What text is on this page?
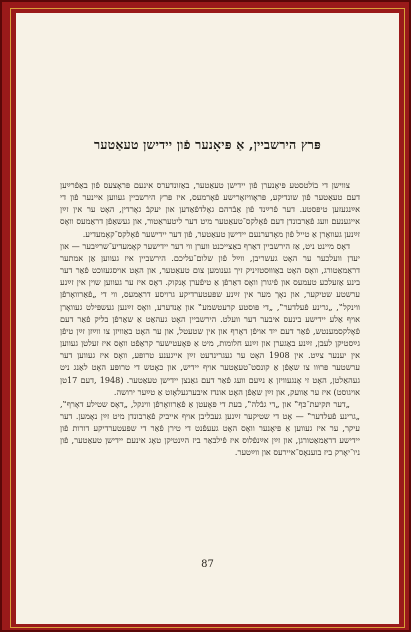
פּרץ הירשביין, אַ פּיאָנער פֿון יידישן טעאַטער

צווישן די בוֹלטסטע פּיאָנערן פֿון יידישן טעאַטער, באַזונדערס אינעם פּראָצעס פֿון באַפֿרײַען דעם טעאַטער פֿון שונדיקע, פּראָוויזאָרישע פֿאָרמעס, איז פּרץ הירשביין געווען איינער פֿון די אײַנגעזען טיפּסטע. דער פֿרײַנד פֿון אַבֿרהם גאָלדפֿאַדען און יעקבֿ גאָרדין, האָט ער אין זײַן אייגענעם וועג פֿאַרבונדן דעם פֿאָלקס־טעאַטער מיט דער ליטעראַטור, און געשאַפֿן דראַמעס וואָס זײַנען געוואָרן אַ טייל פֿון מאָדערנעם יידישן טעאַטער, פֿון דער יידישער פֿאָלקס־קאָמעדיע.

דאָס מיינט ניט, אַז הירשביין דאַרף באַצייכנט ווערן ווי דער יידישער קאָמעדיע־שרײַבער — און יעדן וועלכער ער האָט געשריבן, ווײַל פֿון שלום־עליכם. הירשביין איז געווען אַן אמתער דראַמאַטורג, וואָס האָט באַוווּסטזיניק זיך גענומען צום טעאַטער, און האָט אויסגעזוכט פֿאַר דער בינע אַזעלכע טעמעס און פֿיגורן וואָס דאַרפֿן אַ טיפֿערן אָנקוק. דאָס איז ער געווען שוין אין זײַנע ערשטע שטיקער, און נאָך מער אין זײַנע שפּעטערדיקע גרויסע דראַמעס, ווי די „פֿאַרוואָרפֿן ווינקל‟, „גרינע פֿעלדער‟, „די פּוסטע קרעטשמע‟ און אַנדערע, וואָס זײַנען געשפּילט געוואָרן אויף אַלע יידישע בינעס איבער דער וועלט. הירשביין האָט געהאַט אַ שאַרפֿן בליק פֿאַר דעם פֿאָלקסמענטש, פֿאַר דעם ייִד אויפֿן דאָרף און אין שטעטל, און ער האָט באַוויזן צו ווײַזן זײַן טיפֿן גײַסטיקן לעבן, זײַנע באַגערן און זײַנע חלומות, מיט אַ פּאָעטישער קראַפֿט וואָס איז זעלטן געווען אין יענער צײַט. אין 1908 האָט ער געגרינדעט זײַן אייגענע טרופּע, וואָס איז געווען דער ערשטער פּרוּוו צו שאַפֿן אַ קונסט־טעאַטער אויף יידיש, און כאָטש די טרופּע האָט לאַנג ניט געהאַלטן, האָט זי אָנגעוויזן אַ נײַעם וועג פֿאַר דעם גאַנצן יידישן טעאַטער. (1948 ,דעם 17טן אויגוסט) איז ער אַוועק, און זײַן שאַפֿן האָט אונדז איבערגעלאָזט אַ טײַער ירושה.

„דער תּקיעת־כּף‟ און „די גבֿלה‟, בעת די פּאָעטן אַ פֿאַרוואָרפֿן ווינקל, „דאָס שטילע דאָרף‟, „גרינע פֿעלדער‟ — אָט די שטיקער זײַנען געבליבן אויף אייביק פֿאַרבונדן מיט זײַן נאָמען. דער עיקר, ער איז געווען אַ פּיאָנער וואָס האָט געעפֿנט די טירן פֿאַר די שפּעטערדיקע דורות פֿון יידישע דראַמאַטורגן, און זײַן אײַנפֿלוס איז פֿילבאַר ביז הײַנטיקן טאָג אינעם יידישן טעאַטער, פֿון ניו־יאָרק ביז בוענאָס־איירעס און ווײַטער.

87
